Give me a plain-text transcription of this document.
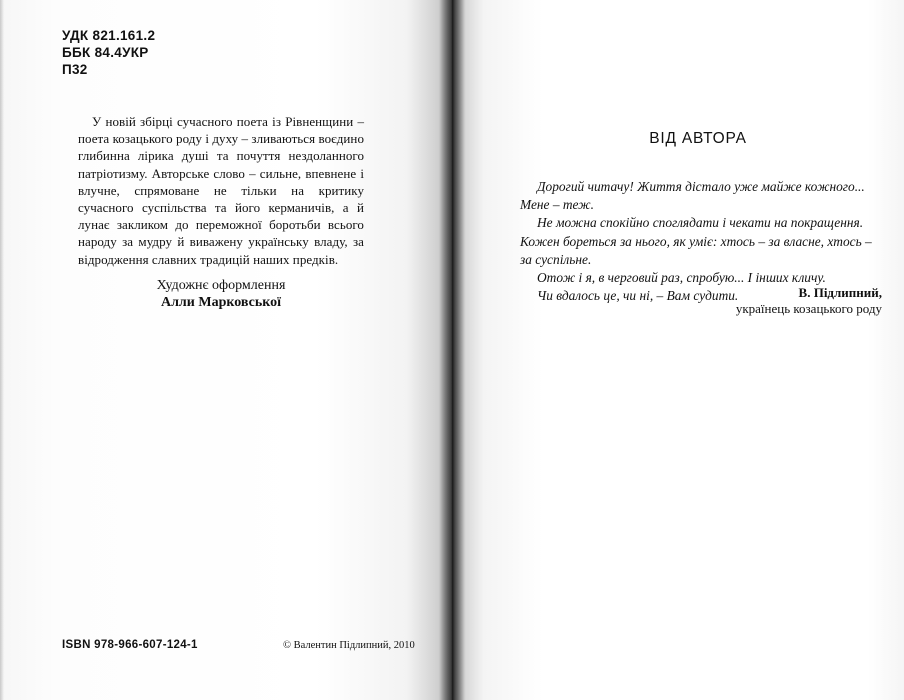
УДК 821.161.2
ББК 84.4УКР
П32
У новій збірці сучасного поета із Рівненщини – поета козацького роду і духу – зливаються воєдино глибинна лірика душі та почуття нездоланного патріотизму. Авторське слово – сильне, впевнене і влучне, спрямоване не тільки на критику сучасного суспільства та його керманичів, а й лунає закликом до переможної боротьби всього народу за мудру й виважену українську владу, за відродження славних традицій наших предків.
Художнє оформлення
Алли Марковської
ISBN 978-966-607-124-1	© Валентин Підлипний, 2010
ВІД АВТОРА

Дорогий читачу! Життя дістало уже майже кожного...

Мене – теж.

Не можна спокійно споглядати і чекати на покращення.

Кожен бореться за нього, як уміє: хтось – за власне, хтось –

за суспільне.

Отож і я, в черговий раз, спробую... І інших кличу.

Чи вдалось це, чи ні, – Вам судити.	В. Підлипний,
українець козацького роду
